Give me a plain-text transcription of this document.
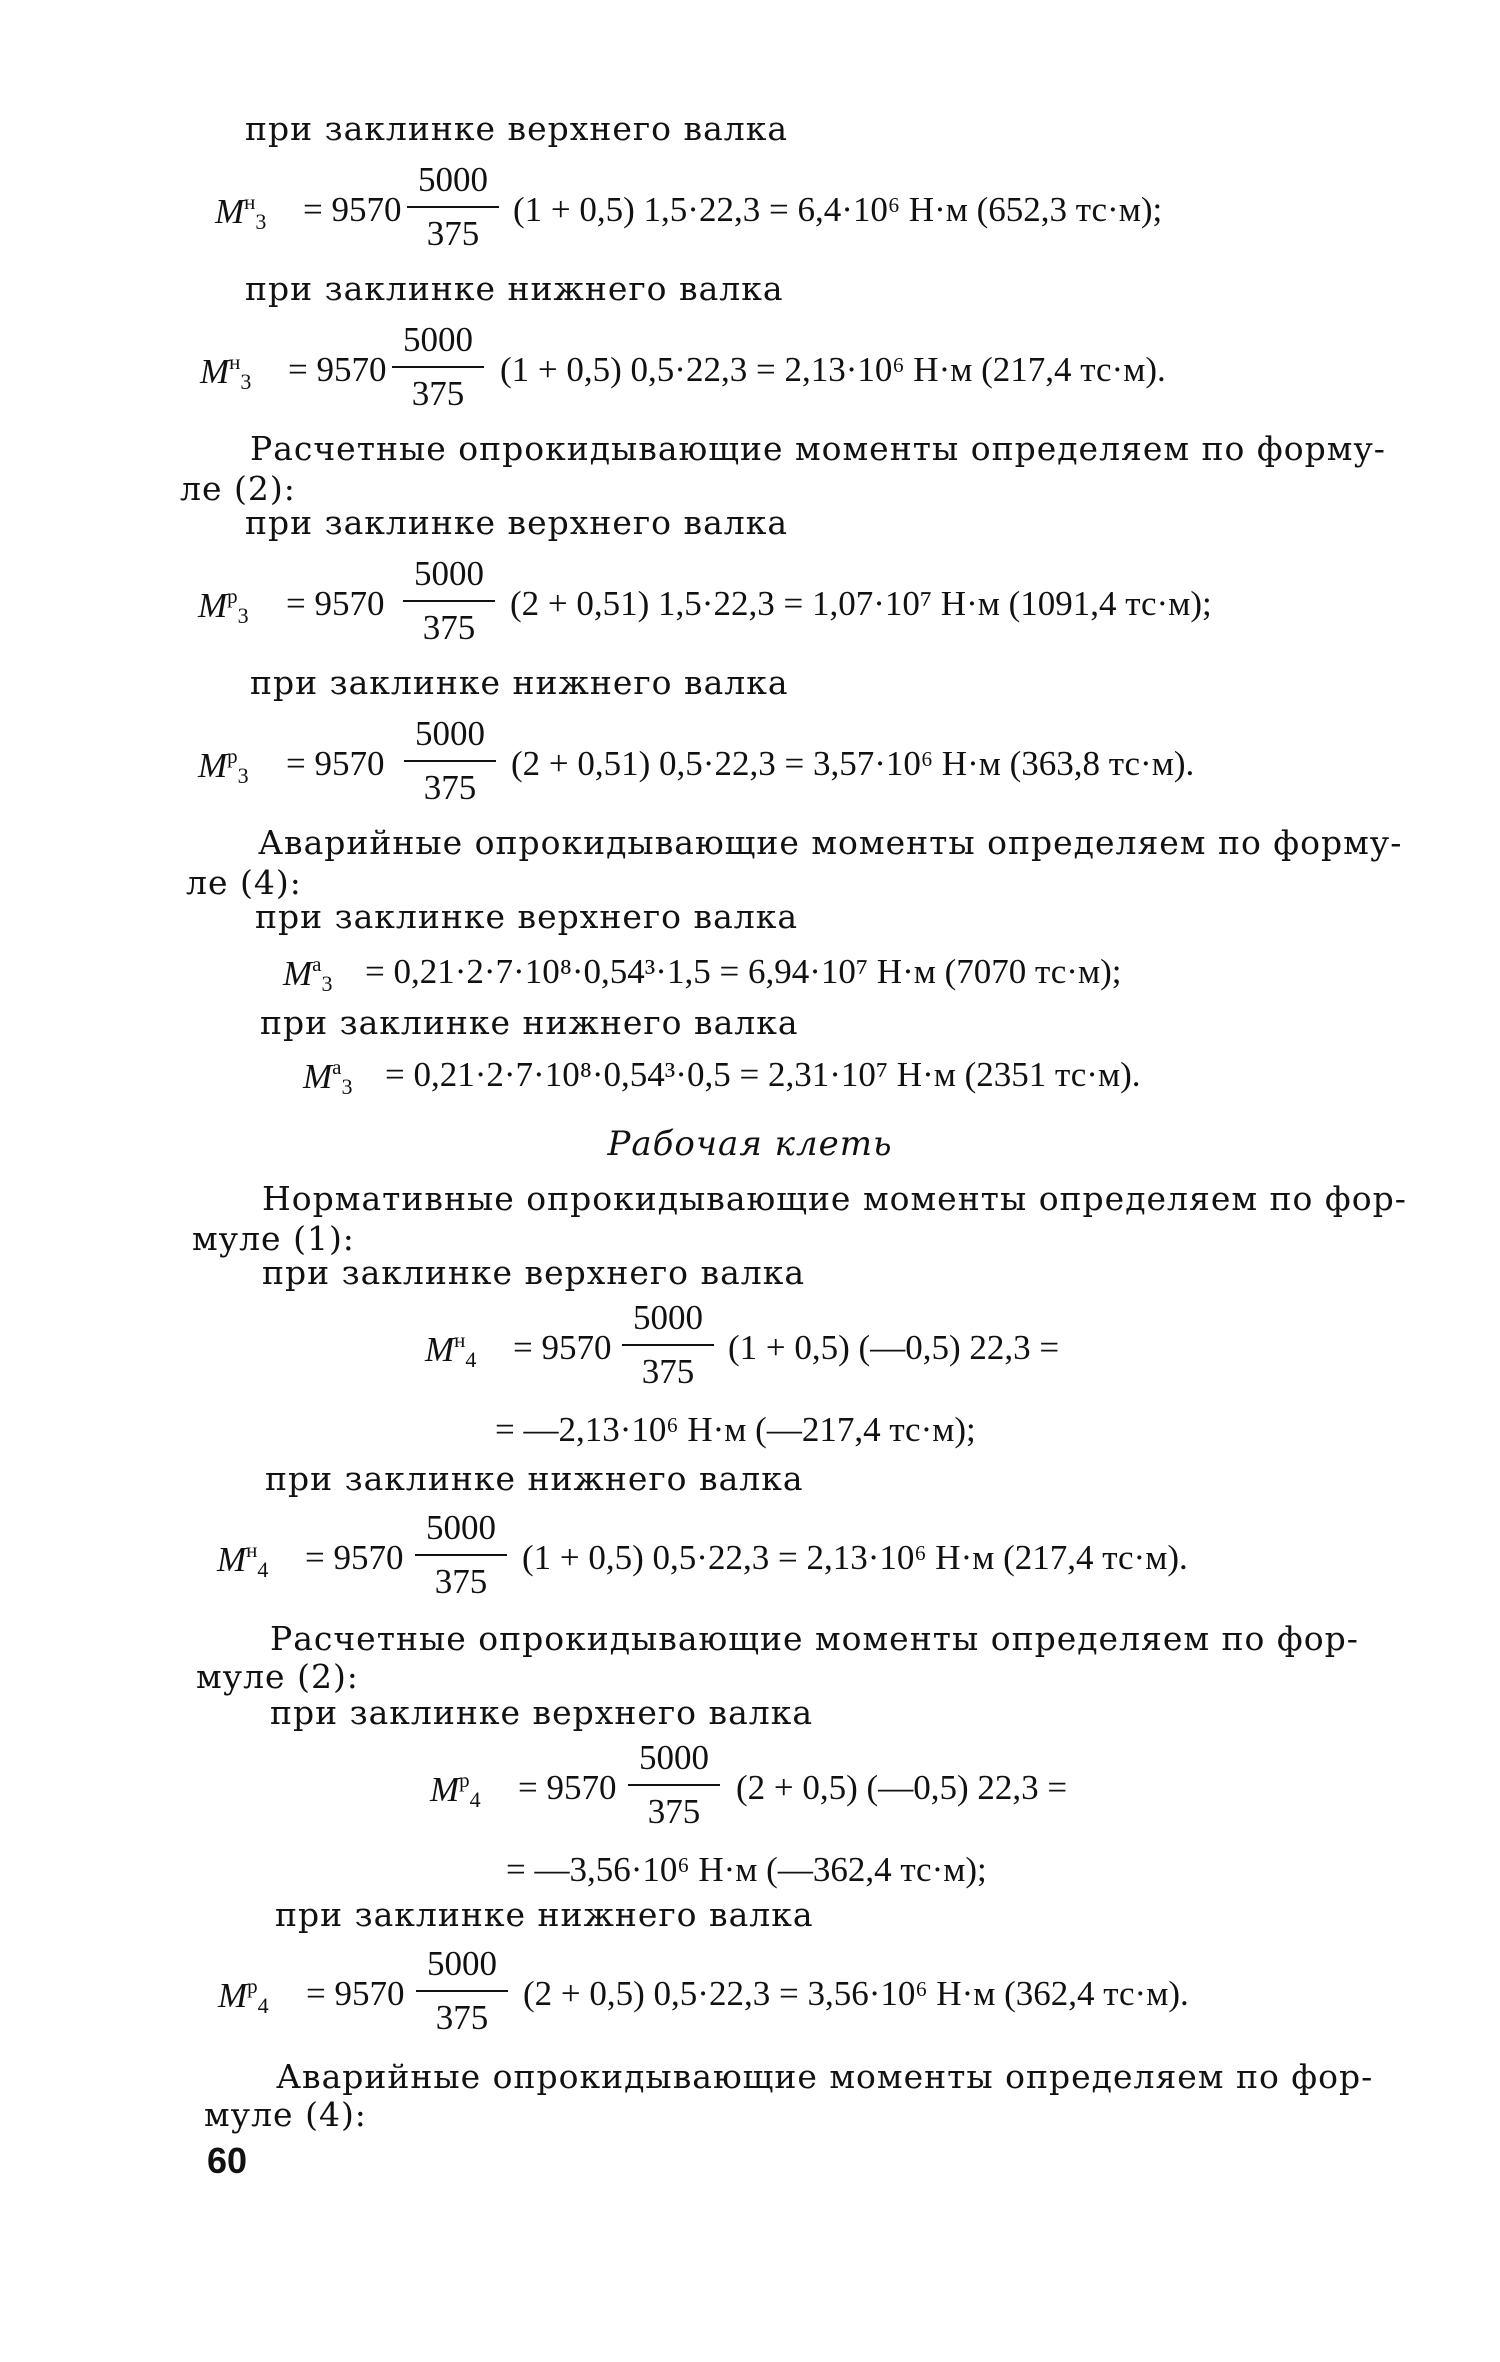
при заклинке верхнего валка
$M^н_3 = 9570$
5000
375
(1 + 0,5) 1,5·22,3 = 6,4·10⁶ Н·м (652,3 тс·м);
при заклинке нижнего валка
$M^н_3 = 9570$
5000
375
(1 + 0,5) 0,5·22,3 = 2,13·10⁶ Н·м (217,4 тс·м).
Расчетные опрокидывающие моменты определяем по форму-
ле (2):
при заклинке верхнего валка
$M^р_3 = 9570$
5000
375
(2 + 0,51) 1,5·22,3 = 1,07·10⁷ Н·м (1091,4 тс·м);
при заклинке нижнего валка
$M^р_3 = 9570$
5000
375
(2 + 0,51) 0,5·22,3 = 3,57·10⁶ Н·м (363,8 тс·м).
Аварийные опрокидывающие моменты определяем по форму-
ле (4):
при заклинке верхнего валка
$M^а_3 = 0,21\cdot 2\cdot 7\cdot 10^8\cdot 0,54^3\cdot 1,5 = 6,94\cdot 10^7$ Н·м (7070 тс·м);
при заклинке нижнего валка
$M^а_3 = 0,21\cdot 2\cdot 7\cdot 10^8\cdot 0,54^3\cdot 0,5 = 2,31\cdot 10^7$ Н·м (2351 тс·м).
Рабочая клеть
Нормативные опрокидывающие моменты определяем по фор-
муле (1):
при заклинке верхнего валка
$M^н_4 = 9570$
5000
375
(1 + 0,5) (—0,5) 22,3 =
= —2,13·10⁶ Н·м (—217,4 тс·м);
при заклинке нижнего валка
$M^н_4 = 9570$
5000
375
(1 + 0,5) 0,5·22,3 = 2,13·10⁶ Н·м (217,4 тс·м).
Расчетные опрокидывающие моменты определяем по фор-
муле (2):
при заклинке верхнего валка
$M^р_4 = 9570$
5000
375
(2 + 0,5) (—0,5) 22,3 =
= —3,56·10⁶ Н·м (—362,4 тс·м);
при заклинке нижнего валка
$M^р_4 = 9570$
5000
375
(2 + 0,5) 0,5·22,3 = 3,56·10⁶ Н·м (362,4 тс·м).
Аварийные опрокидывающие моменты определяем по фор-
муле (4):
60
